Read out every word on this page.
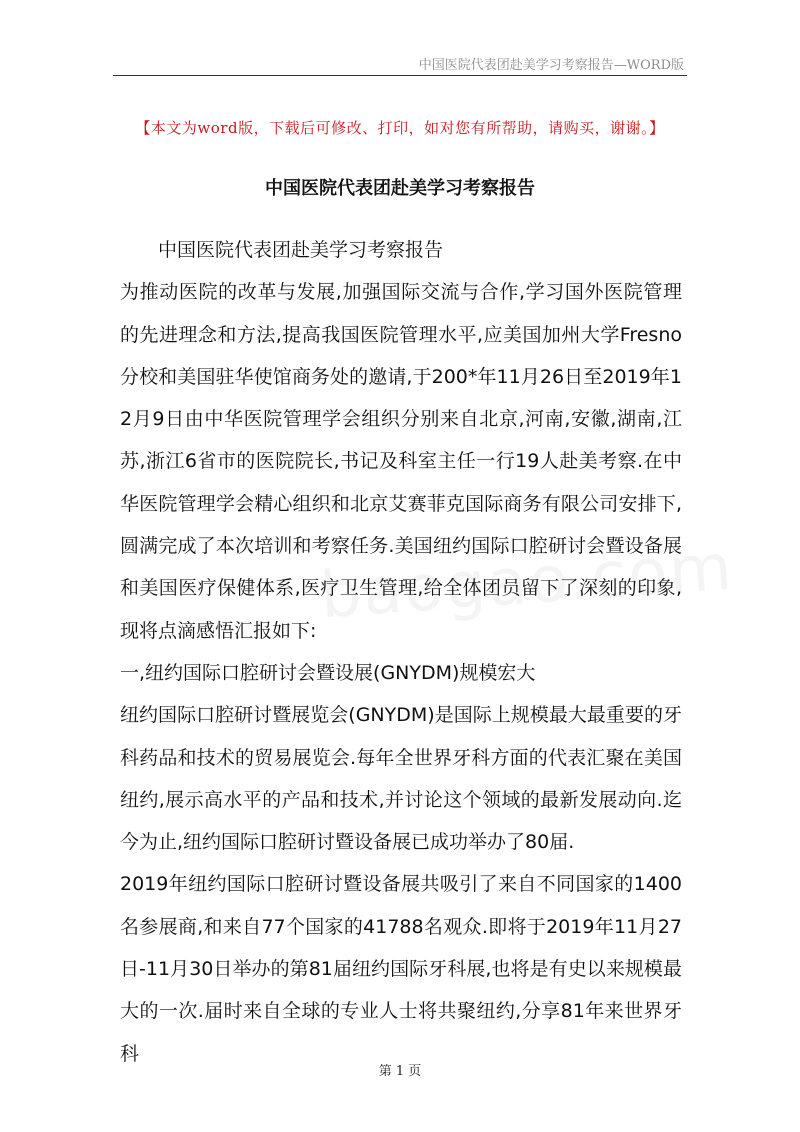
中国医院代表团赴美学习考察报告—WORD版
【本文为word版，下载后可修改、打印，如对您有所帮助，请购买，谢谢。】
中国医院代表团赴美学习考察报告

中国医院代表团赴美学习考察报告

为推动医院的改革与发展,加强国际交流与合作,学习国外医院管理的先进理念和方法,提高我国医院管理水平,应美国加州大学Fresno分校和美国驻华使馆商务处的邀请,于200*年11月26日至2019年12月9日由中华医院管理学会组织分别来自北京,河南,安徽,湖南,江苏,浙江6省市的医院院长,书记及科室主任一行19人赴美考察.在中华医院管理学会精心组织和北京艾赛菲克国际商务有限公司安排下,圆满完成了本次培训和考察任务.美国纽约国际口腔研讨会暨设备展和美国医疗保健体系,医疗卫生管理,给全体团员留下了深刻的印象,现将点滴感悟汇报如下:

一,纽约国际口腔研讨会暨设展(GNYDM)规模宏大

纽约国际口腔研讨暨展览会(GNYDM)是国际上规模最大最重要的牙科药品和技术的贸易展览会.每年全世界牙科方面的代表汇聚在美国纽约,展示高水平的产品和技术,并讨论这个领域的最新发展动向.迄今为止,纽约国际口腔研讨暨设备展已成功举办了80届.

2019年纽约国际口腔研讨暨设备展共吸引了来自不同国家的1400名参展商,和来自77个国家的41788名观众.即将于2019年11月27日-11月30日举办的第81届纽约国际牙科展,也将是有史以来规模最大的一次.届时来自全球的专业人士将共聚纽约,分享81年来世界牙科

第 1 页
